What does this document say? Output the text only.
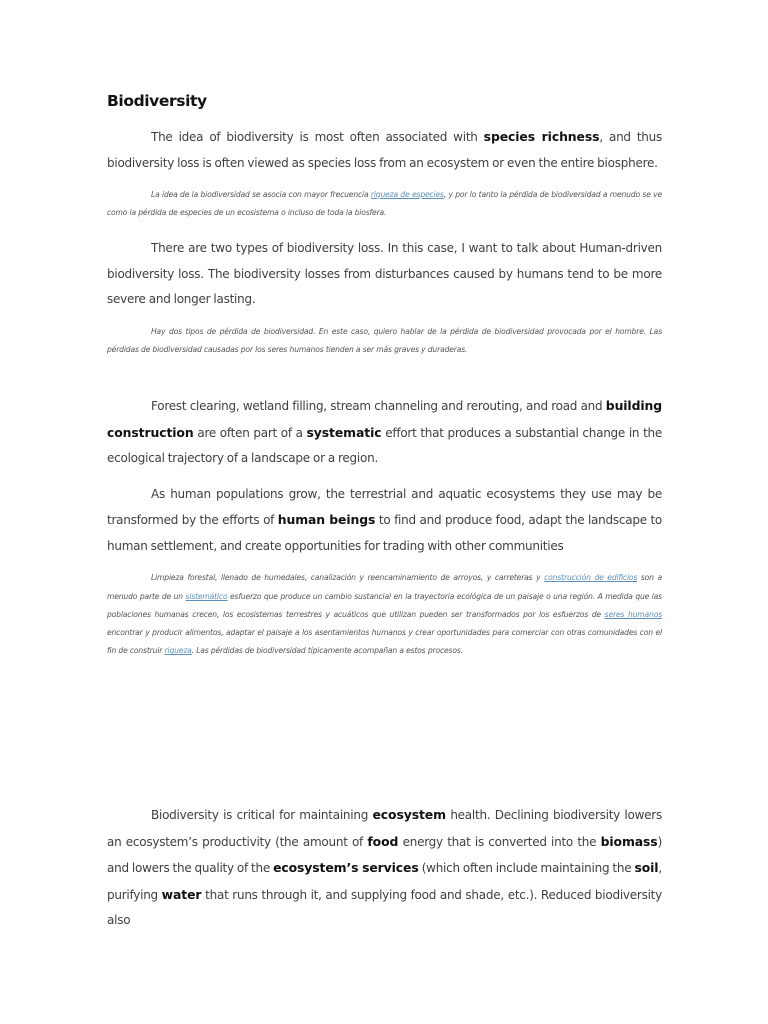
Biodiversity

The idea of biodiversity is most often associated with species richness, and thus biodiversity loss is often viewed as species loss from an ecosystem or even the entire biosphere.

La idea de la biodiversidad se asocia con mayor frecuencia riqueza de especies, y por lo tanto la pérdida de biodiversidad a menudo se ve como la pérdida de especies de un ecosistema o incluso de toda la biosfera.

There are two types of biodiversity loss. In this case, I want to talk about Human-driven biodiversity loss. The biodiversity losses from disturbances caused by humans tend to be more severe and longer lasting.

Hay dos tipos de pérdida de biodiversidad. En este caso, quiero hablar de la pérdida de biodiversidad provocada por el hombre. Las pérdidas de biodiversidad causadas por los seres humanos tienden a ser más graves y duraderas.

Forest clearing, wetland filling, stream channeling and rerouting, and road and building construction are often part of a systematic effort that produces a substantial change in the ecological trajectory of a landscape or a region.

As human populations grow, the terrestrial and aquatic ecosystems they use may be transformed by the efforts of human beings to find and produce food, adapt the landscape to human settlement, and create opportunities for trading with other communities

Limpieza forestal, llenado de humedales, canalización y reencaminamiento de arroyos, y carreteras y construcción de edificios son a menudo parte de un sistemático esfuerzo que produce un cambio sustancial en la trayectoria ecológica de un paisaje o una región. A medida que las poblaciones humanas crecen, los ecosistemas terrestres y acuáticos que utilizan pueden ser transformados por los esfuerzos de seres humanos encontrar y producir alimentos, adaptar el paisaje a los asentamientos humanos y crear oportunidades para comerciar con otras comunidades con el fin de construir riqueza. Las pérdidas de biodiversidad típicamente acompañan a estos procesos.

Biodiversity is critical for maintaining ecosystem health. Declining biodiversity lowers an ecosystem’s productivity (the amount of food energy that is converted into the biomass) and lowers the quality of the ecosystem’s services (which often include maintaining the soil, purifying water that runs through it, and supplying food and shade, etc.). Reduced biodiversity also
